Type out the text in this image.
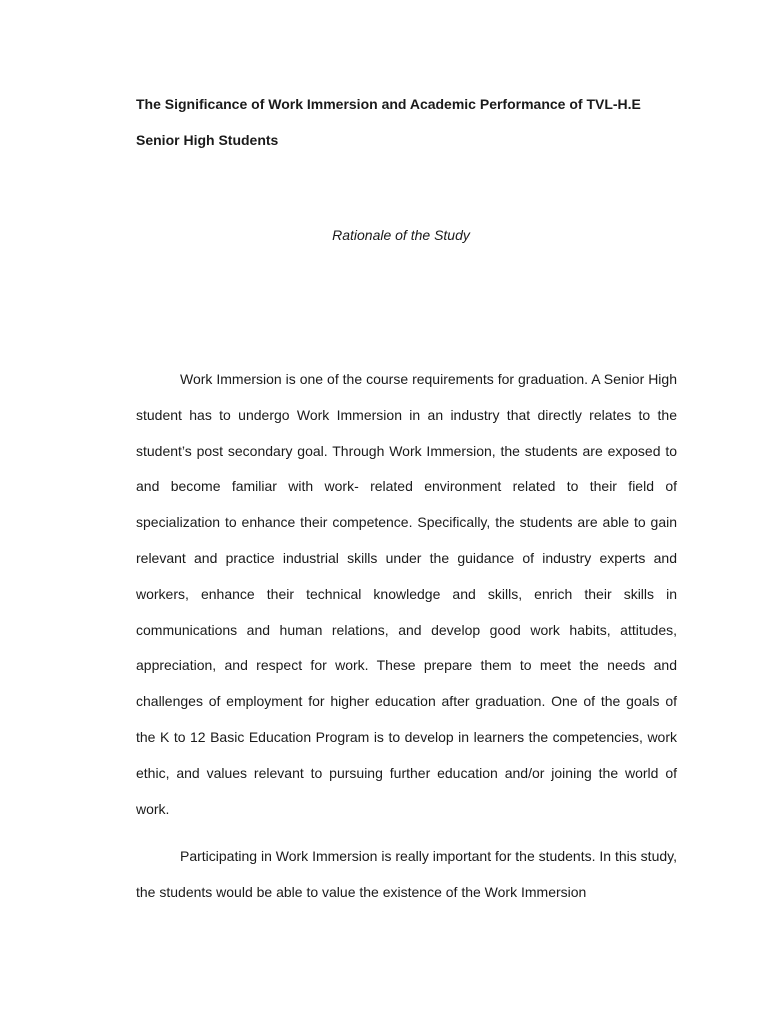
The Significance of Work Immersion and Academic Performance of TVL-H.E Senior High Students

Rationale of the Study

Work Immersion is one of the course requirements for graduation. A Senior High student has to undergo Work Immersion in an industry that directly relates to the student’s post secondary goal. Through Work Immersion, the students are exposed to and become familiar with work- related environment related to their field of specialization to enhance their competence. Specifically, the students are able to gain relevant and practice industrial skills under the guidance of industry experts and workers, enhance their technical knowledge and skills, enrich their skills in communications and human relations, and develop good work habits, attitudes, appreciation, and respect for work. These prepare them to meet the needs and challenges of employment for higher education after graduation. One of the goals of the K to 12 Basic Education Program is to develop in learners the competencies, work ethic, and values relevant to pursuing further education and/or joining the world of work.

Participating in Work Immersion is really important for the students. In this study, the students would be able to value the existence of the Work Immersion
